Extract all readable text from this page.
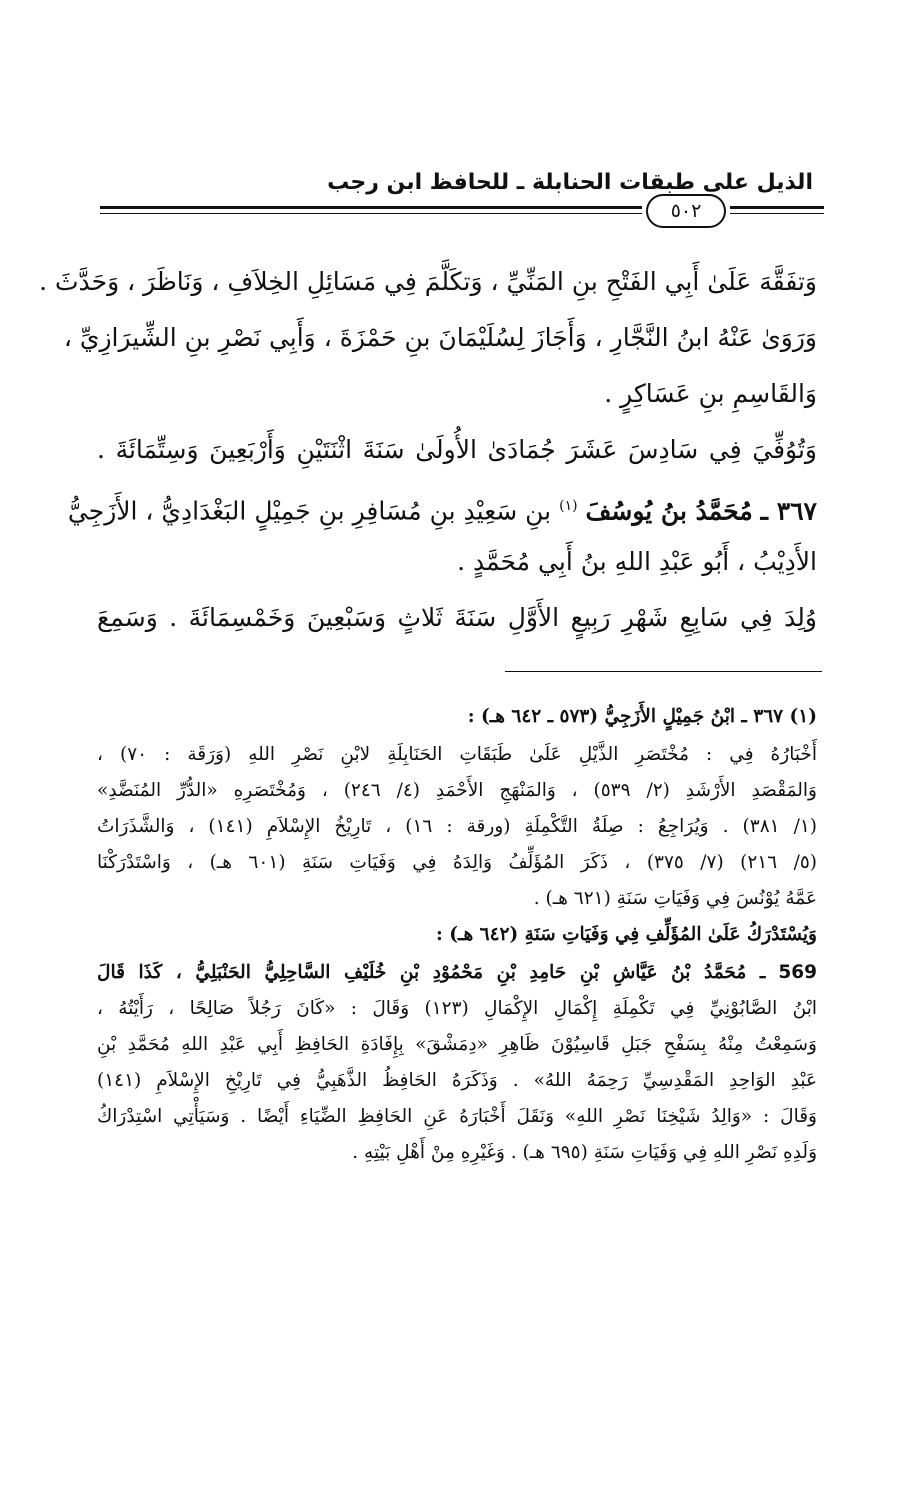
الذيل على طبقات الحنابلة ـ للحافظ ابن رجب
٥٠٢
وَتفَقَّهَ عَلَىٰ أَبِي الفَتْحِ بنِ المَنِّيِّ ، وَتكَلَّمَ فِي مَسَائِلِ الخِلاَفِ ، وَنَاظَرَ ، وَحَدَّثَ .
وَرَوَىٰ عَنْهُ ابنُ النَّجَّارِ ، وَأَجَازَ لِسُلَيْمَانَ بنِ حَمْزَةَ ، وَأَبِي نَصْرِ بنِ الشِّيرَازِيِّ ،
وَالقَاسِمِ بنِ عَسَاكِرٍ .
وَتُوُفِّيَ فِي سَادِسَ عَشَرَ جُمَادَىٰ الأُولَىٰ سَنَةَ اثْنَتَيْنِ وَأَرْبَعِينَ وَسِتِّمَائَةَ .
٣٦٧ ـ مُحَمَّدُ بنُ يُوسُفَ $^{(١)}$ بنِ سَعِيْدِ بنِ مُسَافِرِ بنِ جَمِيْلٍ البَغْدَادِيُّ ، الأَزَجِيُّ
الأَدِيْبُ ، أَبُو عَبْدِ اللهِ بنُ أَبِي مُحَمَّدٍ .
وُلِدَ فِي سَابِعِ شَهْرِ رَبِيعٍ الأَوَّلِ سَنَةَ ثَلاثٍ وَسَبْعِينَ وَخَمْسِمَائَةَ . وَسَمِعَ
(١) ٣٦٧ ـ ابْنُ جَمِيْلٍ الأَزَجِيُّ (٥٧٣ ـ ٦٤٢ هـ) :
أَخْبَارُهُ فِي : مُخْتَصَرِ الذَّيْلِ عَلَىٰ طَبَقَاتِ الحَنَابِلَةِ لابْنِ نَصْرِ اللهِ (وَرَقَة : ٧٠) ،
وَالمَقْصَدِ الأَرْشَدِ (٢/ ٥٣٩) ، وَالمَنْهَجِ الأَحْمَدِ (٤/ ٢٤٦) ، وَمُخْتَصَرِهِ «الدُّرِّ المُنَضَّدِ»
(١/ ٣٨١) . وَيُرَاجِعُ : صِلَةُ التَّكْمِلَةِ (ورقة : ١٦) ، تَارِيْخُ الإِسْلاَمِ (١٤١) ، وَالشَّذَرَاتُ
(٥/ ٢١٦) (٧/ ٣٧٥) ، ذَكَرَ المُؤَلِّفُ وَالِدَهُ فِي وَفَيَاتِ سَنَةِ (٦٠١ هـ) ، وَاسْتَدْرَكْنَا
عَمَّهُ يُوْنُسَ فِي وَفَيَاتِ سَنَةِ (٦٢١ هـ) .
وَيُسْتَدْرَكُ عَلَىٰ المُؤَلِّفِ فِي وَفَيَاتِ سَنَةِ (٦٤٢ هـ) :
569 ـ مُحَمَّدُ بْنُ عَيَّاشِ بْنِ حَامِدِ بْنِ مَحْمُوْدِ بْنِ خُلَيْفِ السَّاحِلِيُّ الحَنْبَلِيُّ ، كَذَا قَالَ
ابْنُ الصَّابُوْنِيِّ فِي تَكْمِلَةِ إِكْمَالِ الإِكْمَالِ (١٢٣) وَقَالَ : «كَانَ رَجُلاً صَالِحًا ، رَأَيْتُهُ ،
وَسَمِعْتُ مِنْهُ بِسَفْحِ جَبَلِ قَاسِيُوْنَ ظَاهِرِ «دِمَشْقَ» بِإِفَادَةِ الحَافِظِ أَبِي عَبْدِ اللهِ مُحَمَّدِ بْنِ
عَبْدِ الوَاحِدِ المَقْدِسِيِّ رَحِمَهُ اللهُ» . وَذَكَرَهُ الحَافِظُ الذَّهَبِيُّ فِي تَارِيْخِ الإِسْلاَمِ (١٤١)
وَقَالَ : «وَالِدُ شَيْخِنَا نَصْرِ اللهِ» وَنَقَلَ أَخْبَارَهُ عَنِ الحَافِظِ الضِّيَاءِ أَيْضًا . وَسَيَأْتِي اسْتِدْرَاكُ
وَلَدِهِ نَصْرِ اللهِ فِي وَفَيَاتِ سَنَةِ (٦٩٥ هـ) . وَغَيْرِهِ مِنْ أَهْلِ بَيْتِهِ .
